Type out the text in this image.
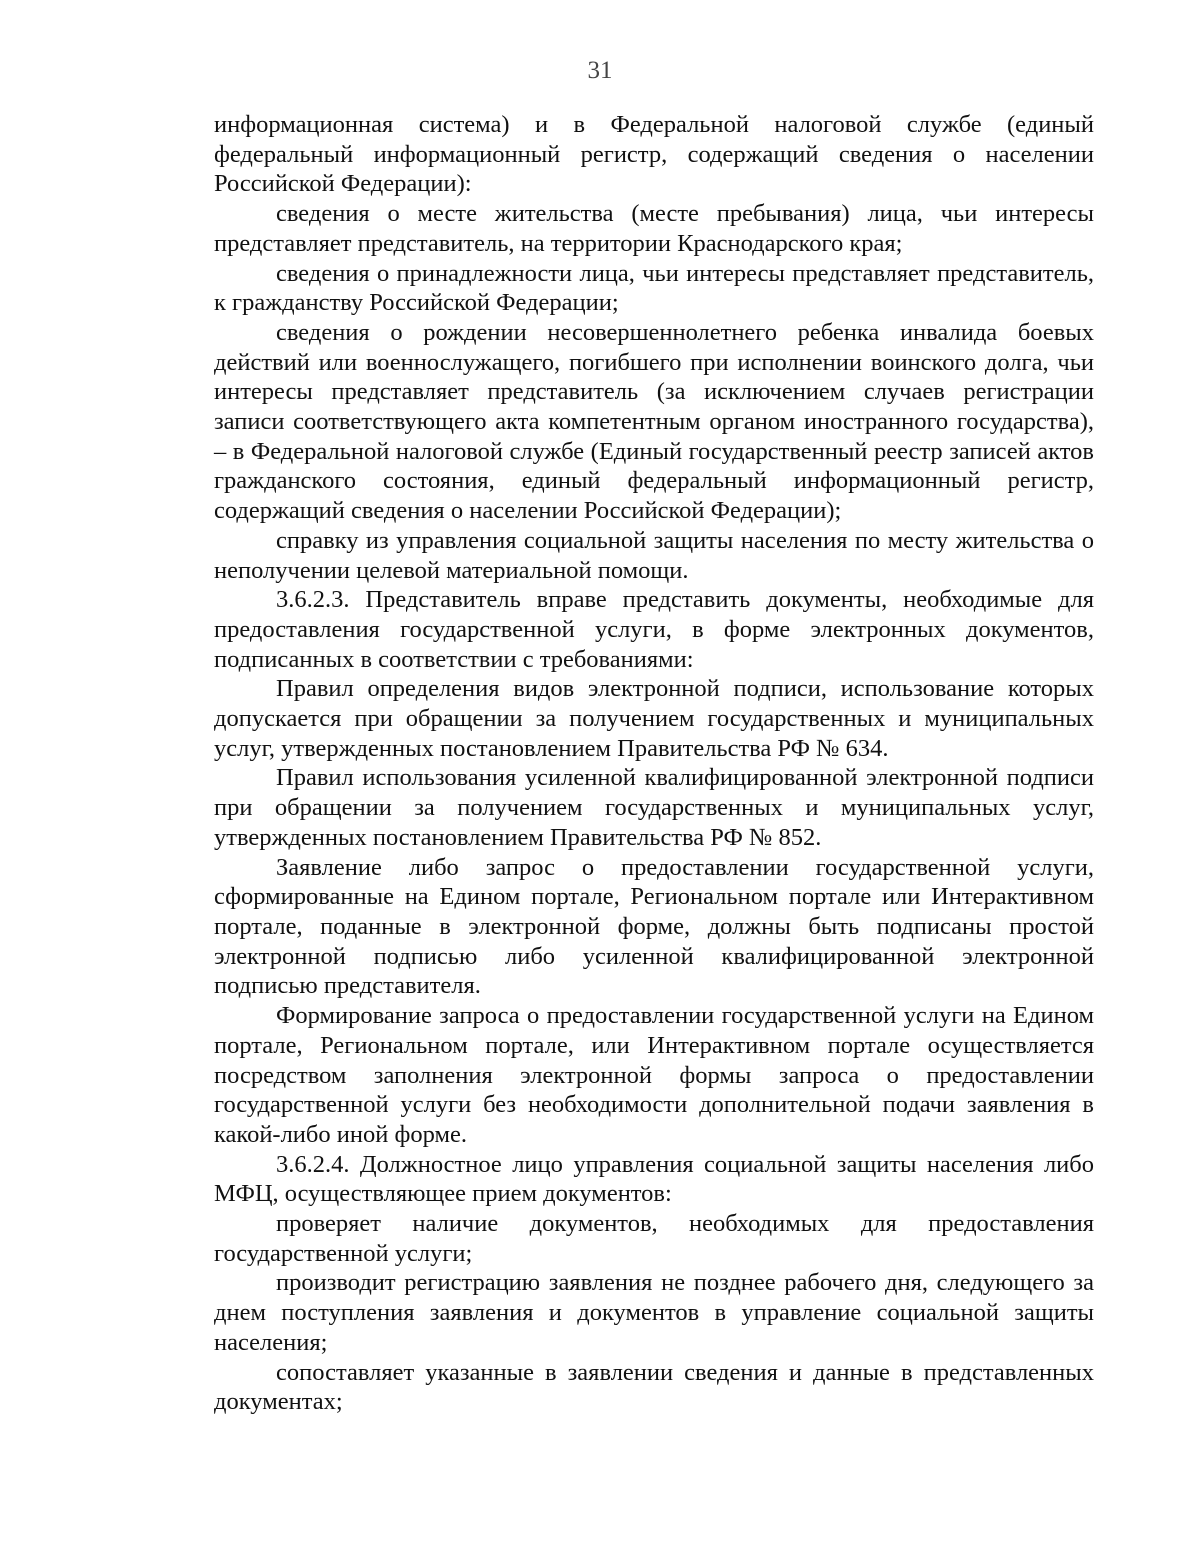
31

информационная система) и в Федеральной налоговой службе (единый федеральный информационный регистр, содержащий сведения о населении Российской Федерации):

сведения о месте жительства (месте пребывания) лица, чьи интересы представляет представитель, на территории Краснодарского края;

сведения о принадлежности лица, чьи интересы представляет представитель, к гражданству Российской Федерации;

сведения о рождении несовершеннолетнего ребенка инвалида боевых действий или военнослужащего, погибшего при исполнении воинского долга, чьи интересы представляет представитель (за исключением случаев регистрации записи соответствующего акта компетентным органом иностранного государства), – в Федеральной налоговой службе (Единый государственный реестр записей актов гражданского состояния, единый федеральный информационный регистр, содержащий сведения о населении Российской Федерации);

справку из управления социальной защиты населения по месту жительства о неполучении целевой материальной помощи.

3.6.2.3. Представитель вправе представить документы, необходимые для предоставления государственной услуги, в форме электронных документов, подписанных в соответствии с требованиями:

Правил определения видов электронной подписи, использование которых допускается при обращении за получением государственных и муниципальных услуг, утвержденных постановлением Правительства РФ № 634.

Правил использования усиленной квалифицированной электронной подписи при обращении за получением государственных и муниципальных услуг, утвержденных постановлением Правительства РФ № 852.

Заявление либо запрос о предоставлении государственной услуги, сформированные на Едином портале, Региональном портале или Интерактивном портале, поданные в электронной форме, должны быть подписаны простой электронной подписью либо усиленной квалифицированной электронной подписью представителя.

Формирование запроса о предоставлении государственной услуги на Едином портале, Региональном портале, или Интерактивном портале осуществляется посредством заполнения электронной формы запроса о предоставлении государственной услуги без необходимости дополнительной подачи заявления в какой-либо иной форме.

3.6.2.4. Должностное лицо управления социальной защиты населения либо МФЦ, осуществляющее прием документов:

проверяет наличие документов, необходимых для предоставления государственной услуги;

производит регистрацию заявления не позднее рабочего дня, следующего за днем поступления заявления и документов в управление социальной защиты населения;

сопоставляет указанные в заявлении сведения и данные в представленных документах;
